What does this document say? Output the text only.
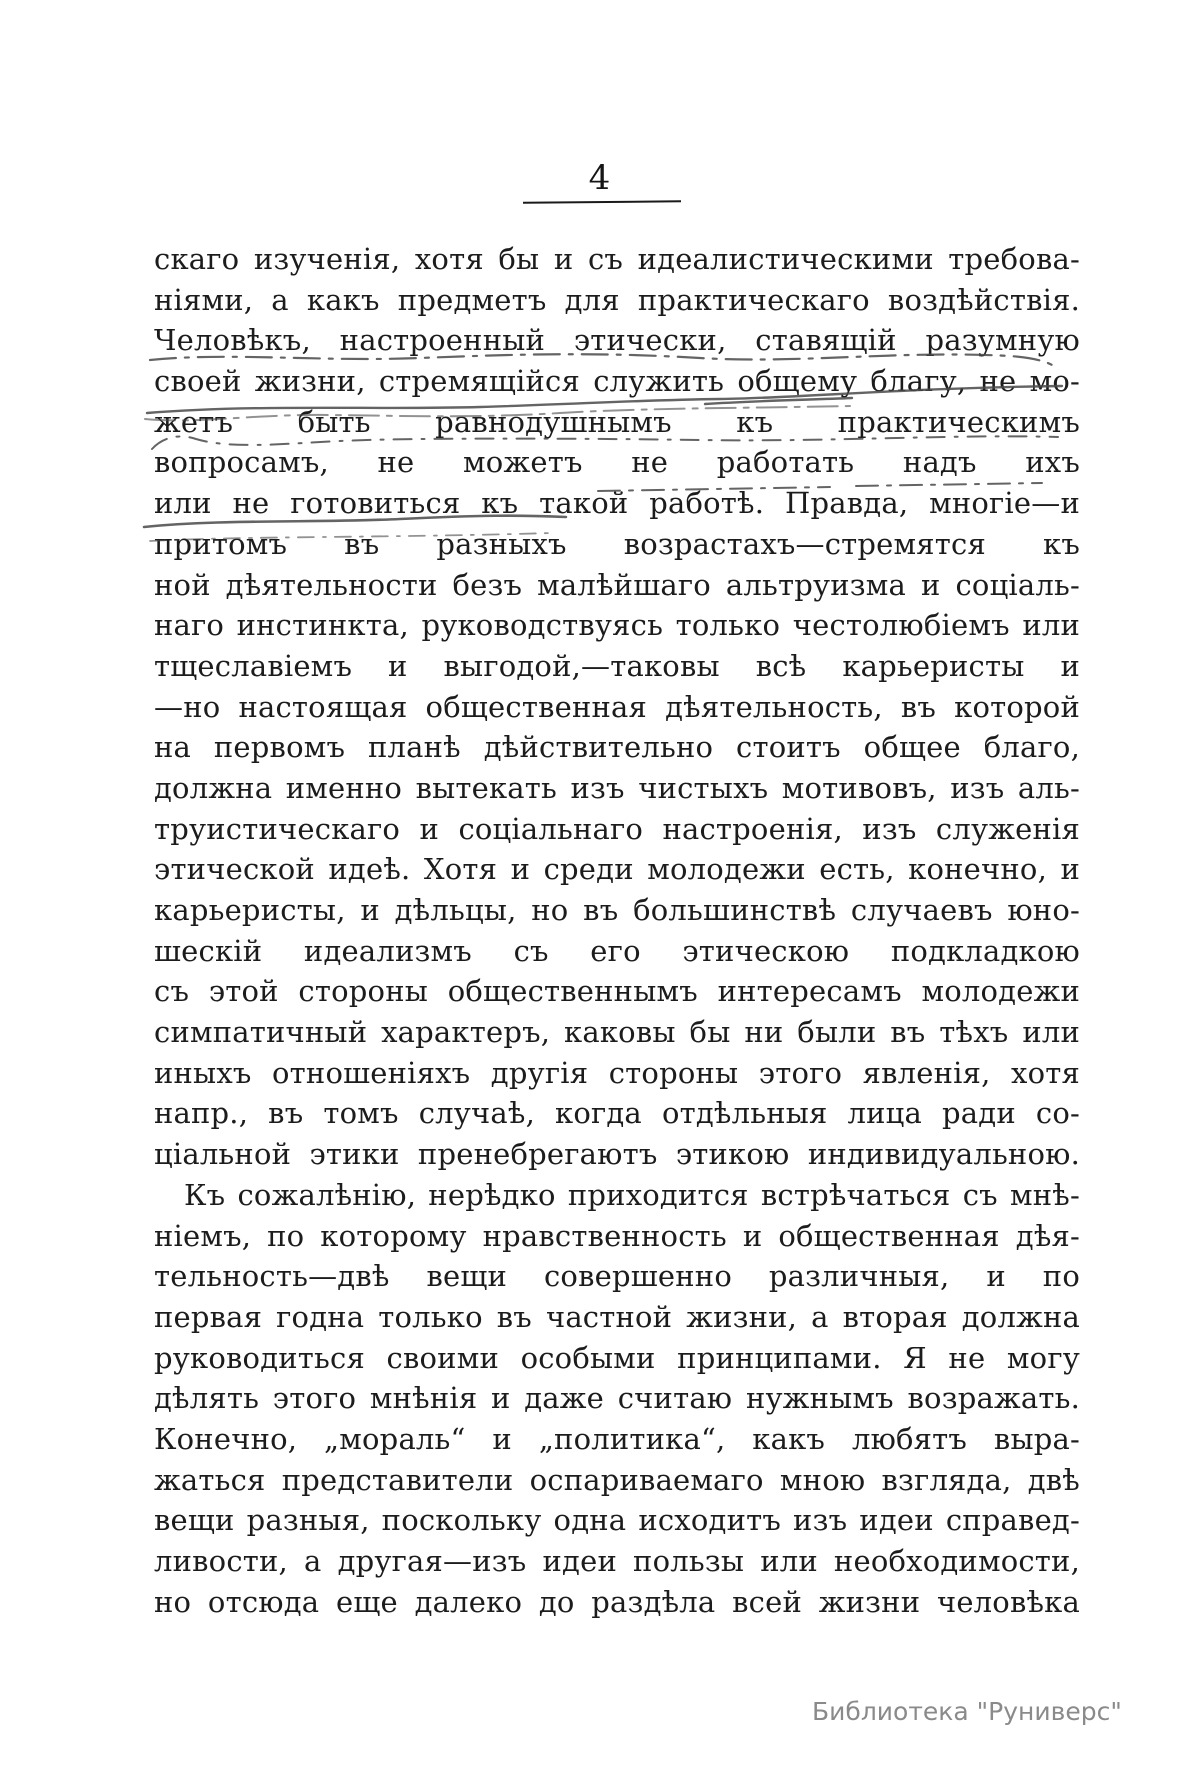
4
скаго изученія, хотя бы и съ идеалистическими требова-
ніями, а какъ предметъ для практическаго воздѣйствія.
Человѣкъ, настроенный этически, ставящій разумную
своей жизни, стремящійся служить общему благу, не мо-
жетъ быть равнодушнымъ къ практическимъ
вопросамъ, не можетъ не работать надъ ихъ
или не готовиться къ такой работѣ. Правда, многіе—и
притомъ въ разныхъ возрастахъ—стремятся къ
ной дѣятельности безъ малѣйшаго альтруизма и соціаль-
наго инстинкта, руководствуясь только честолюбіемъ или
тщеславіемъ и выгодой,—таковы всѣ карьеристы и
—но настоящая общественная дѣятельность, въ которой
на первомъ планѣ дѣйствительно стоитъ общее благо,
должна именно вытекать изъ чистыхъ мотивовъ, изъ аль-
труистическаго и соціальнаго настроенія, изъ служенія
этической идеѣ. Хотя и среди молодежи есть, конечно, и
карьеристы, и дѣльцы, но въ большинствѣ случаевъ юно-
шескій идеализмъ съ его этическою подкладкою
съ этой стороны общественнымъ интересамъ молодежи
симпатичный характеръ, каковы бы ни были въ тѣхъ или
иныхъ отношеніяхъ другія стороны этого явленія, хотя
напр., въ томъ случаѣ, когда отдѣльныя лица ради со-
ціальной этики пренебрегаютъ этикою индивидуальною.
Къ сожалѣнію, нерѣдко приходится встрѣчаться съ мнѣ-
ніемъ, по которому нравственность и общественная дѣя-
тельность—двѣ вещи совершенно различныя, и по
первая годна только въ частной жизни, а вторая должна
руководиться своими особыми принципами. Я не могу
дѣлять этого мнѣнія и даже считаю нужнымъ возражать.
Конечно, „мораль“ и „политика“, какъ любятъ выра-
жаться представители оспариваемаго мною взгляда, двѣ
вещи разныя, поскольку одна исходитъ изъ идеи справед-
ливости, а другая—изъ идеи пользы или необходимости,
но отсюда еще далеко до раздѣла всей жизни человѣка
Библиотека "Руниверс"
